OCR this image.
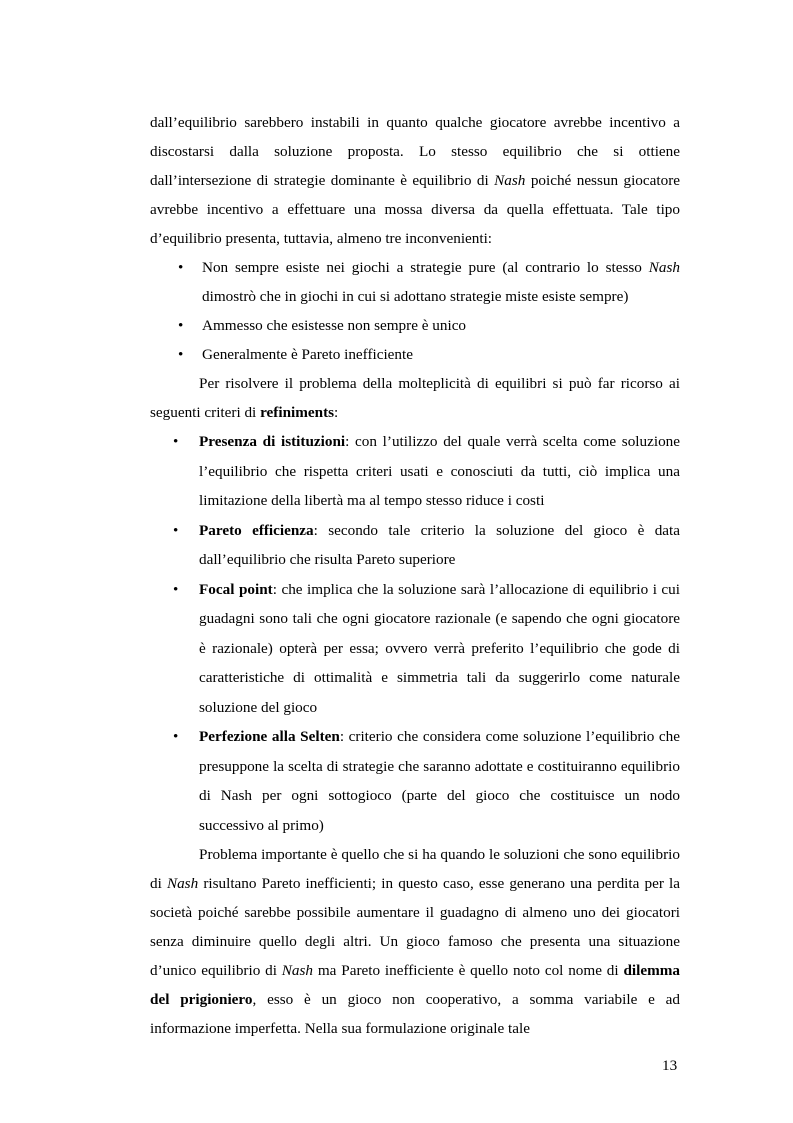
dall’equilibrio sarebbero instabili in quanto qualche giocatore avrebbe incentivo a discostarsi dalla soluzione proposta. Lo stesso equilibrio che si ottiene dall’intersezione di strategie dominante è equilibrio di Nash poiché nessun giocatore avrebbe incentivo a effettuare una mossa diversa da quella effettuata. Tale tipo d’equilibrio presenta, tuttavia, almeno tre inconvenienti:

• Non sempre esiste nei giochi a strategie pure (al contrario lo stesso Nash dimostrò che in giochi in cui si adottano strategie miste esiste sempre)
• Ammesso che esistesse non sempre è unico
• Generalmente è Pareto inefficiente

Per risolvere il problema della molteplicità di equilibri si può far ricorso ai seguenti criteri di refiniments:

• Presenza di istituzioni: con l’utilizzo del quale verrà scelta come soluzione l’equilibrio che rispetta criteri usati e conosciuti da tutti, ciò implica una limitazione della libertà ma al tempo stesso riduce i costi
• Pareto efficienza: secondo tale criterio la soluzione del gioco è data dall’equilibrio che risulta Pareto superiore
• Focal point: che implica che la soluzione sarà l’allocazione di equilibrio i cui guadagni sono tali che ogni giocatore razionale (e sapendo che ogni giocatore è razionale) opterà per essa; ovvero verrà preferito l’equilibrio che gode di caratteristiche di ottimalità e simmetria tali da suggerirlo come naturale soluzione del gioco
• Perfezione alla Selten: criterio che considera come soluzione l’equilibrio che presuppone la scelta di strategie che saranno adottate e costituiranno equilibrio di Nash per ogni sottogioco (parte del gioco che costituisce un nodo successivo al primo)

Problema importante è quello che si ha quando le soluzioni che sono equilibrio di Nash risultano Pareto inefficienti; in questo caso, esse generano una perdita per la società poiché sarebbe possibile aumentare il guadagno di almeno uno dei giocatori senza diminuire quello degli altri. Un gioco famoso che presenta una situazione d’unico equilibrio di Nash ma Pareto inefficiente è quello noto col nome di dilemma del prigioniero, esso è un gioco non cooperativo, a somma variabile e ad informazione imperfetta. Nella sua formulazione originale tale

13
